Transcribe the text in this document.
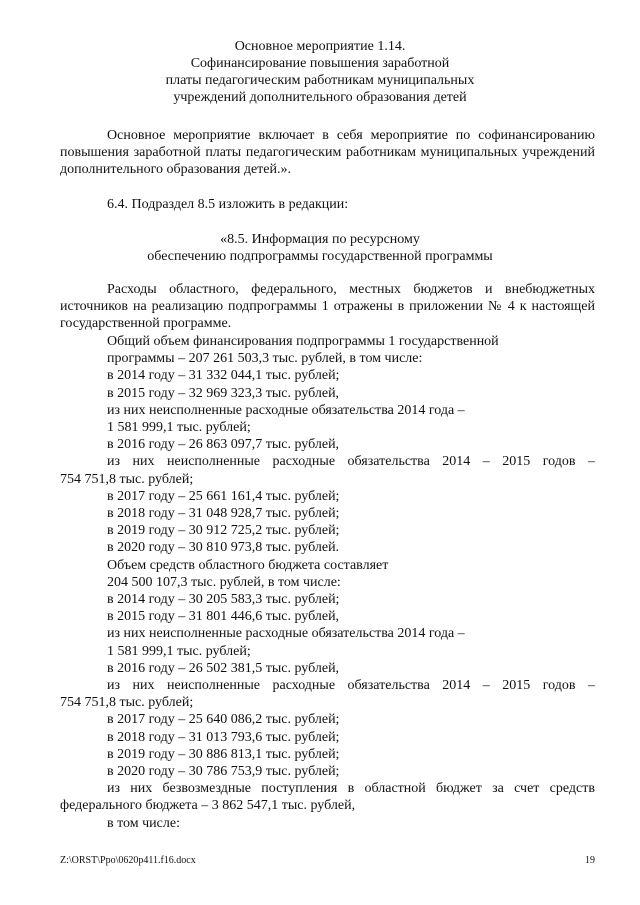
Основное мероприятие 1.14.
Софинансирование повышения заработной
платы педагогическим работникам муниципальных
учреждений дополнительного образования детей
Основное мероприятие включает в себя мероприятие по софинансированию повышения заработной платы педагогическим работникам муниципальных учреждений дополнительного образования детей.».
6.4. Подраздел 8.5 изложить в редакции:
«8.5. Информация по ресурсному
обеспечению подпрограммы государственной программы
Расходы областного, федерального, местных бюджетов и внебюджетных источников на реализацию подпрограммы 1 отражены в приложении № 4 к настоящей государственной программе.
Общий объем финансирования подпрограммы 1 государственной
программы – 207 261 503,3 тыс. рублей, в том числе:
в 2014 году – 31 332 044,1 тыс. рублей;
в 2015 году – 32 969 323,3 тыс. рублей,
из них неисполненные расходные обязательства 2014 года –
1 581 999,1 тыс. рублей;
в 2016 году – 26 863 097,7 тыс. рублей,
из них неисполненные расходные обязательства 2014 – 2015 годов –
754 751,8 тыс. рублей;
в 2017 году – 25 661 161,4 тыс. рублей;
в 2018 году – 31 048 928,7 тыс. рублей;
в 2019 году – 30 912 725,2 тыс. рублей;
в 2020 году – 30 810 973,8 тыс. рублей.
Объем средств областного бюджета составляет
204 500 107,3 тыс. рублей, в том числе:
в 2014 году – 30 205 583,3 тыс. рублей;
в 2015 году – 31 801 446,6 тыс. рублей,
из них неисполненные расходные обязательства 2014 года –
1 581 999,1 тыс. рублей;
в 2016 году – 26 502 381,5 тыс. рублей,
из них неисполненные расходные обязательства 2014 – 2015 годов –
754 751,8 тыс. рублей;
в 2017 году – 25 640 086,2 тыс. рублей;
в 2018 году – 31 013 793,6 тыс. рублей;
в 2019 году – 30 886 813,1 тыс. рублей;
в 2020 году – 30 786 753,9 тыс. рублей;
из них безвозмездные поступления в областной бюджет за счет средств
федерального бюджета – 3 862 547,1 тыс. рублей,
в том числе:
Z:\ORST\Ppo\0620p411.f16.docx	19
